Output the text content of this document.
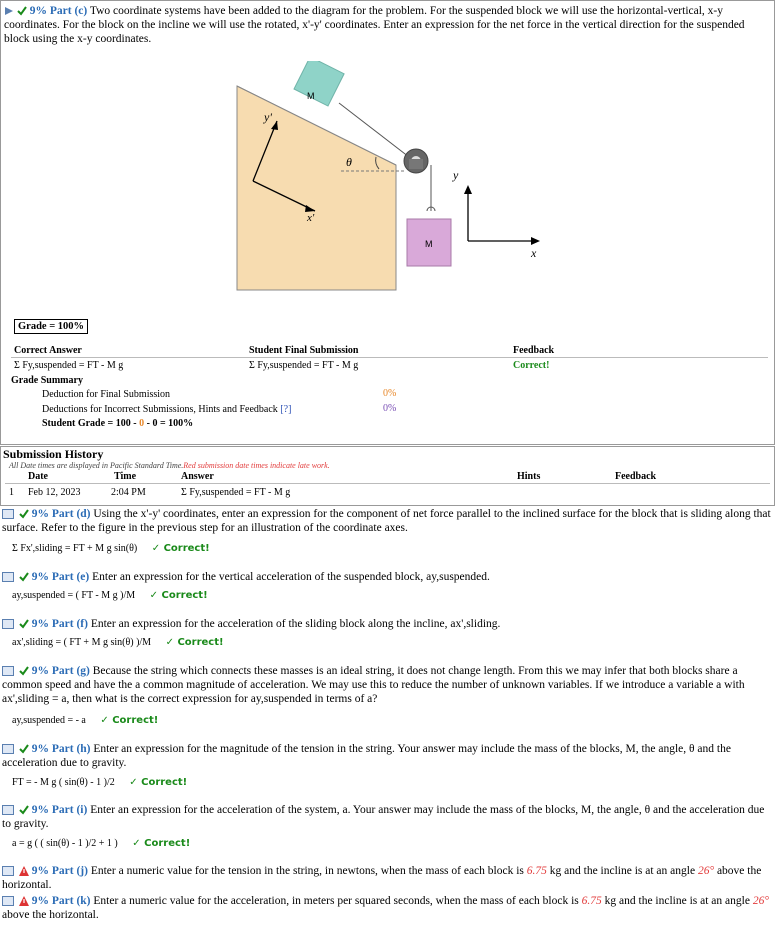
9% Part (c) Two coordinate systems have been added to the diagram for the problem. For the suspended block we will use the horizontal-vertical, x-y coordinates. For the block on the incline we will use the rotated, x'-y' coordinates. Enter an expression for the net force in the vertical direction for the suspended block using the x-y coordinates.
M
θ
M
y'
x'
y
x
Grade = 100%
Correct Answer	Student Final Submission	Feedback
Σ Fy,suspended = FT - M g	Σ Fy,suspended = FT - M g	Correct!
Grade Summary
Deduction for Final Submission	0%
Deductions for Incorrect Submissions, Hints and Feedback [?]	0%
Student Grade = 100 - 0 - 0 = 100%
Submission History
All Date times are displayed in Pacific Standard Time.Red submission date times indicate late work.
Date	Time	Answer	Hints	Feedback
1 Feb 12, 2023	2:04 PM	Σ Fy,suspended = FT - M g
9% Part (d) Using the x'-y' coordinates, enter an expression for the component of net force parallel to the inclined surface for the block that is sliding along that surface. Refer to the figure in the previous step for an illustration of the coordinate axes.
Σ Fx',sliding = FT + M g sin(θ) ✓ Correct!
9% Part (e) Enter an expression for the vertical acceleration of the suspended block, ay,suspended.
ay,suspended = ( FT - M g )/M ✓ Correct!
9% Part (f) Enter an expression for the acceleration of the sliding block along the incline, ax',sliding.
ax',sliding = ( FT + M g sin(θ) )/M ✓ Correct!
9% Part (g) Because the string which connects these masses is an ideal string, it does not change length. From this we may infer that both blocks share a common speed and have the a common magnitude of acceleration. We may use this to reduce the number of unknown variables. If we introduce a variable a with ax',sliding = a, then what is the correct expression for ay,suspended in terms of a?
ay,suspended = - a ✓ Correct!
9% Part (h) Enter an expression for the magnitude of the tension in the string. Your answer may include the mass of the blocks, M, the angle, θ and the acceleration due to gravity.
FT = - M g ( sin(θ) - 1 )/2 ✓ Correct!
9% Part (i) Enter an expression for the acceleration of the system, a. Your answer may include the mass of the blocks, M, the angle, θ and the acceleration due to gravity.
a = g ( ( sin(θ) - 1 )/2 + 1 ) ✓ Correct!
9% Part (j) Enter a numeric value for the tension in the string, in newtons, when the mass of each block is 6.75 kg and the incline is at an angle 26° above the horizontal.
9% Part (k) Enter a numeric value for the acceleration, in meters per squared seconds, when the mass of each block is 6.75 kg and the incline is at an angle 26° above the horizontal.
